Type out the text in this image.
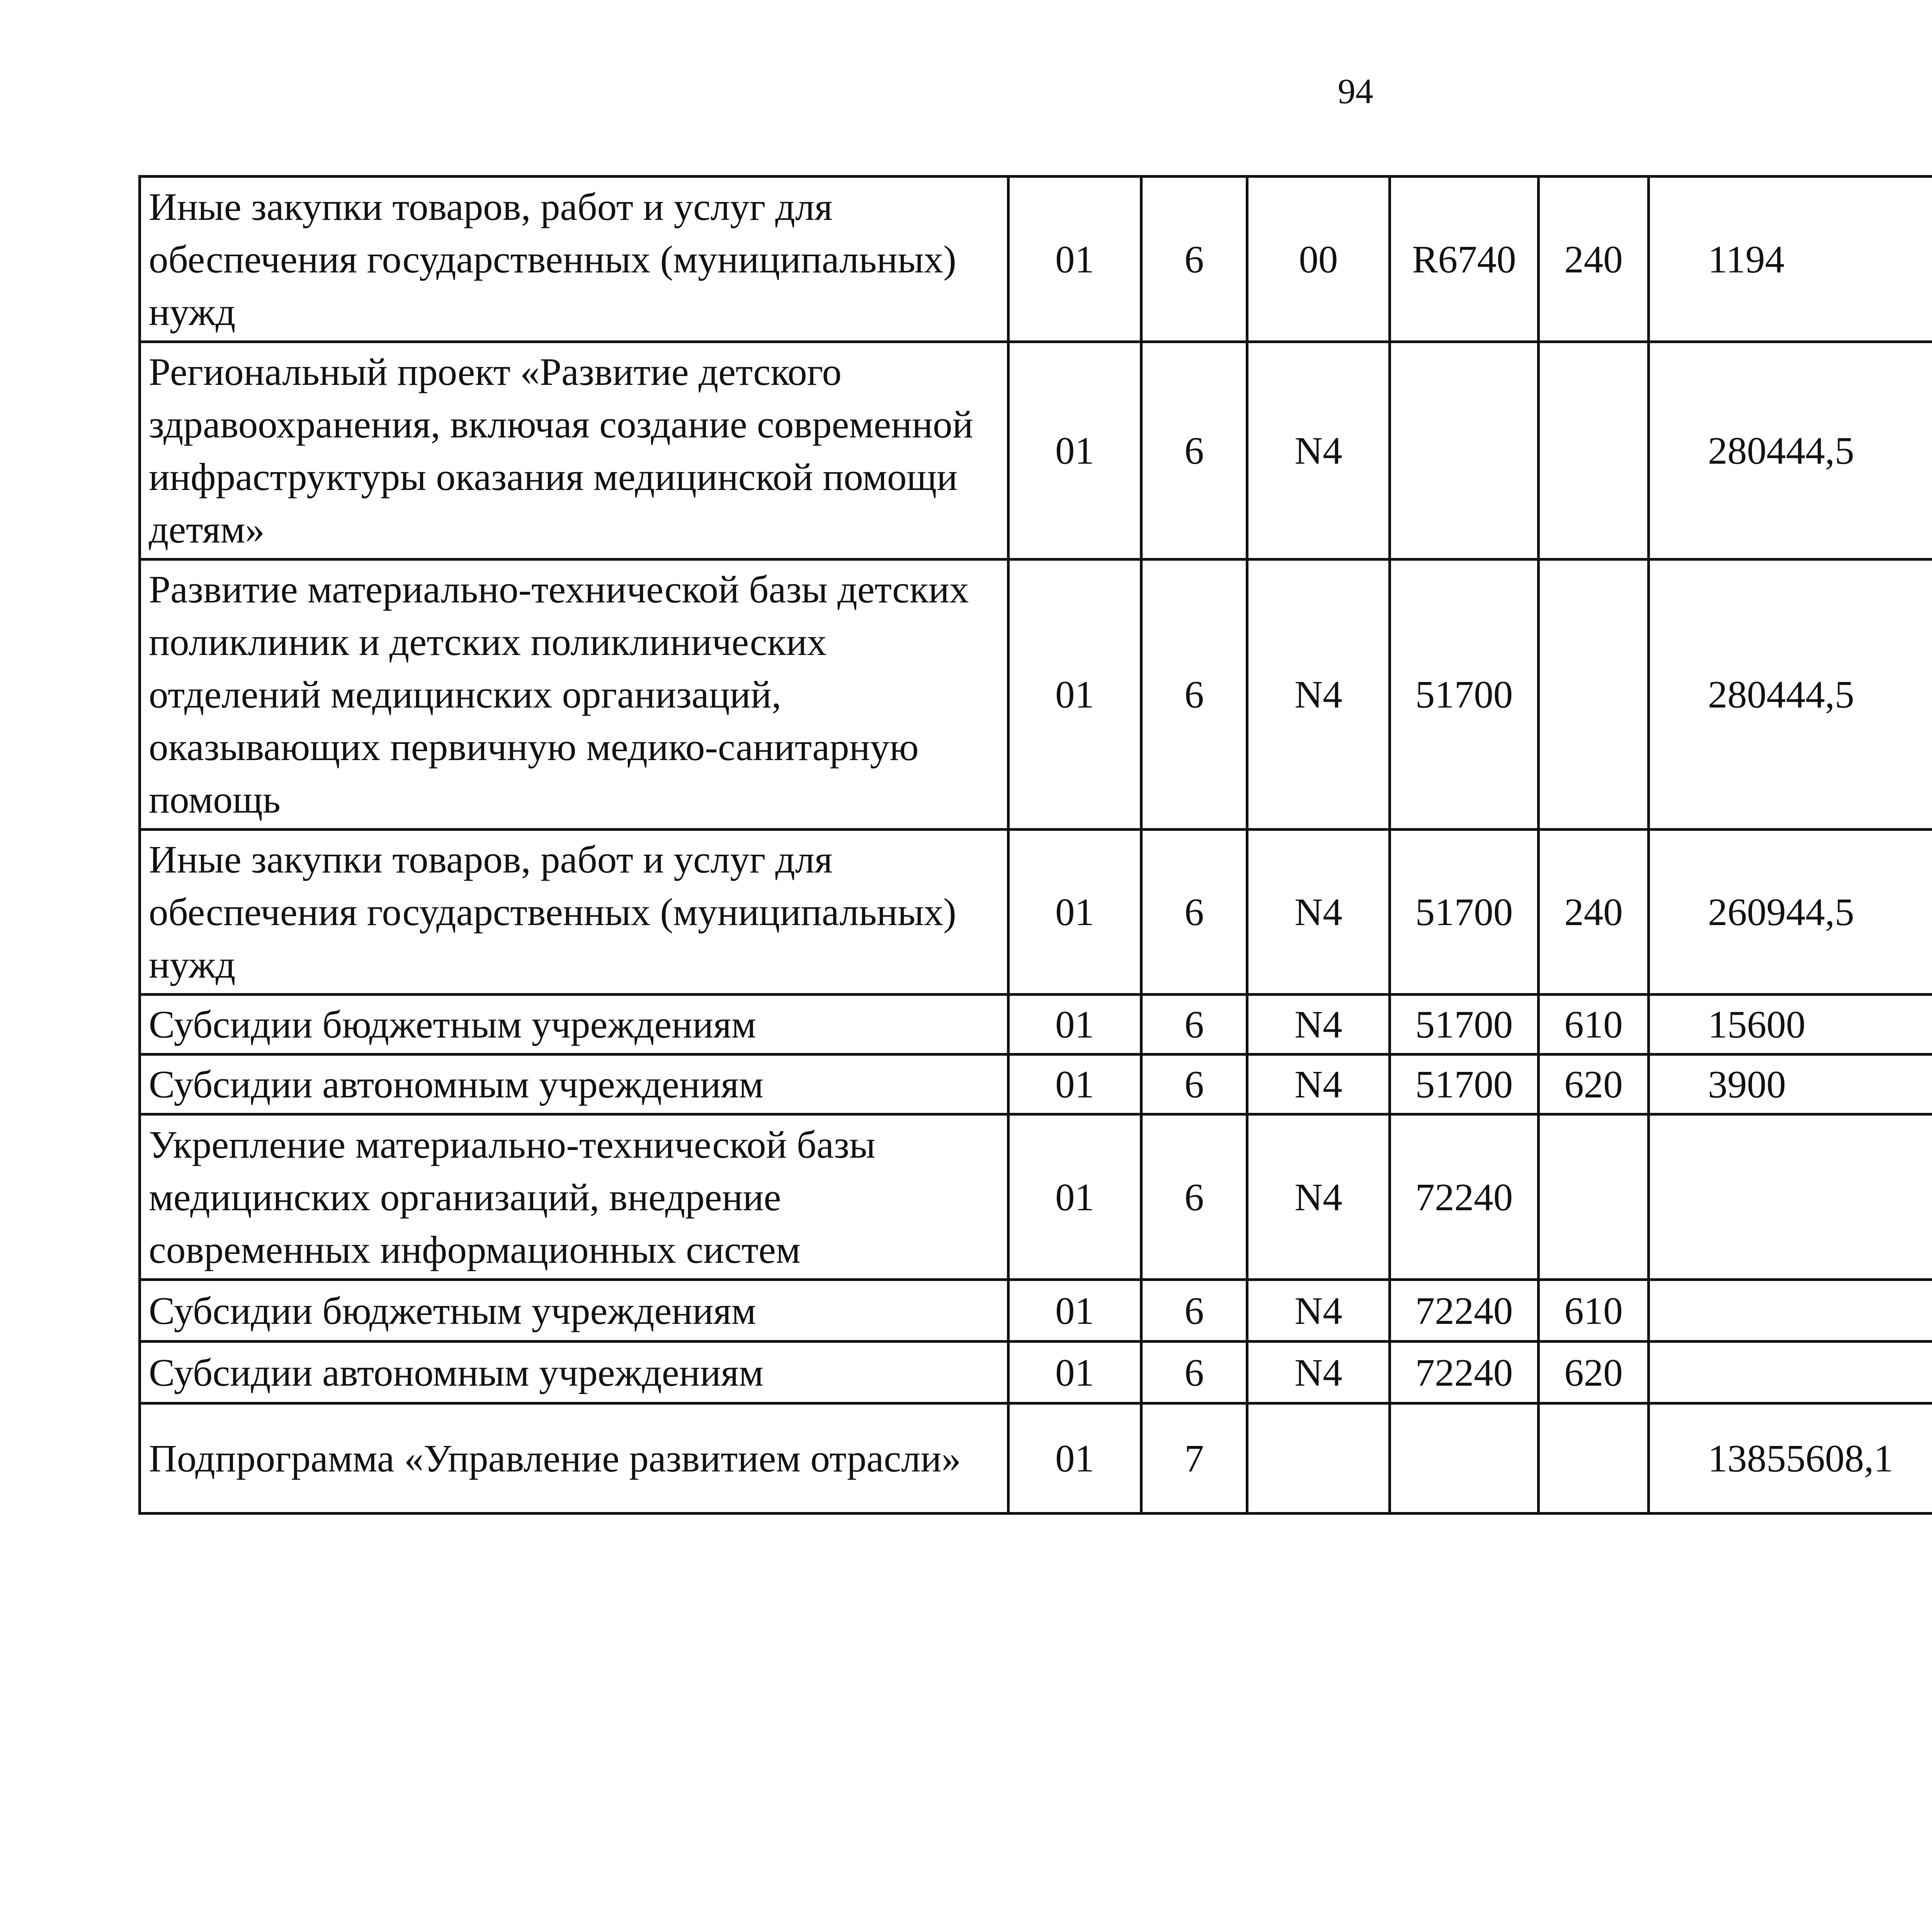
94
Иные закупки товаров, работ и услуг для обеспечения государственных (муниципальных) нужд	01	6	00	R6740	240	1194		
Региональный проект «Развитие детского здравоохранения, включая создание современной инфраструктуры оказания медицинской помощи детям»	01	6	N4			280444,5		
Развитие материально-технической базы детских поликлиник и детских поликлинических отделений медицинских организаций, оказывающих первичную медико-санитарную помощь	01	6	N4	51700		280444,5		
Иные закупки товаров, работ и услуг для обеспечения государственных (муниципальных) нужд	01	6	N4	51700	240	260944,5		
Субсидии бюджетным учреждениям	01	6	N4	51700	610	15600		
Субсидии автономным учреждениям	01	6	N4	51700	620	3900		
Укрепление материально-технической базы медицинских организаций, внедрение современных информационных систем	01	6	N4	72240				
Субсидии бюджетным учреждениям	01	6	N4	72240	610			
Субсидии автономным учреждениям	01	6	N4	72240	620			
Подпрограмма «Управление развитием отрасли»	01	7				13855608,1		
